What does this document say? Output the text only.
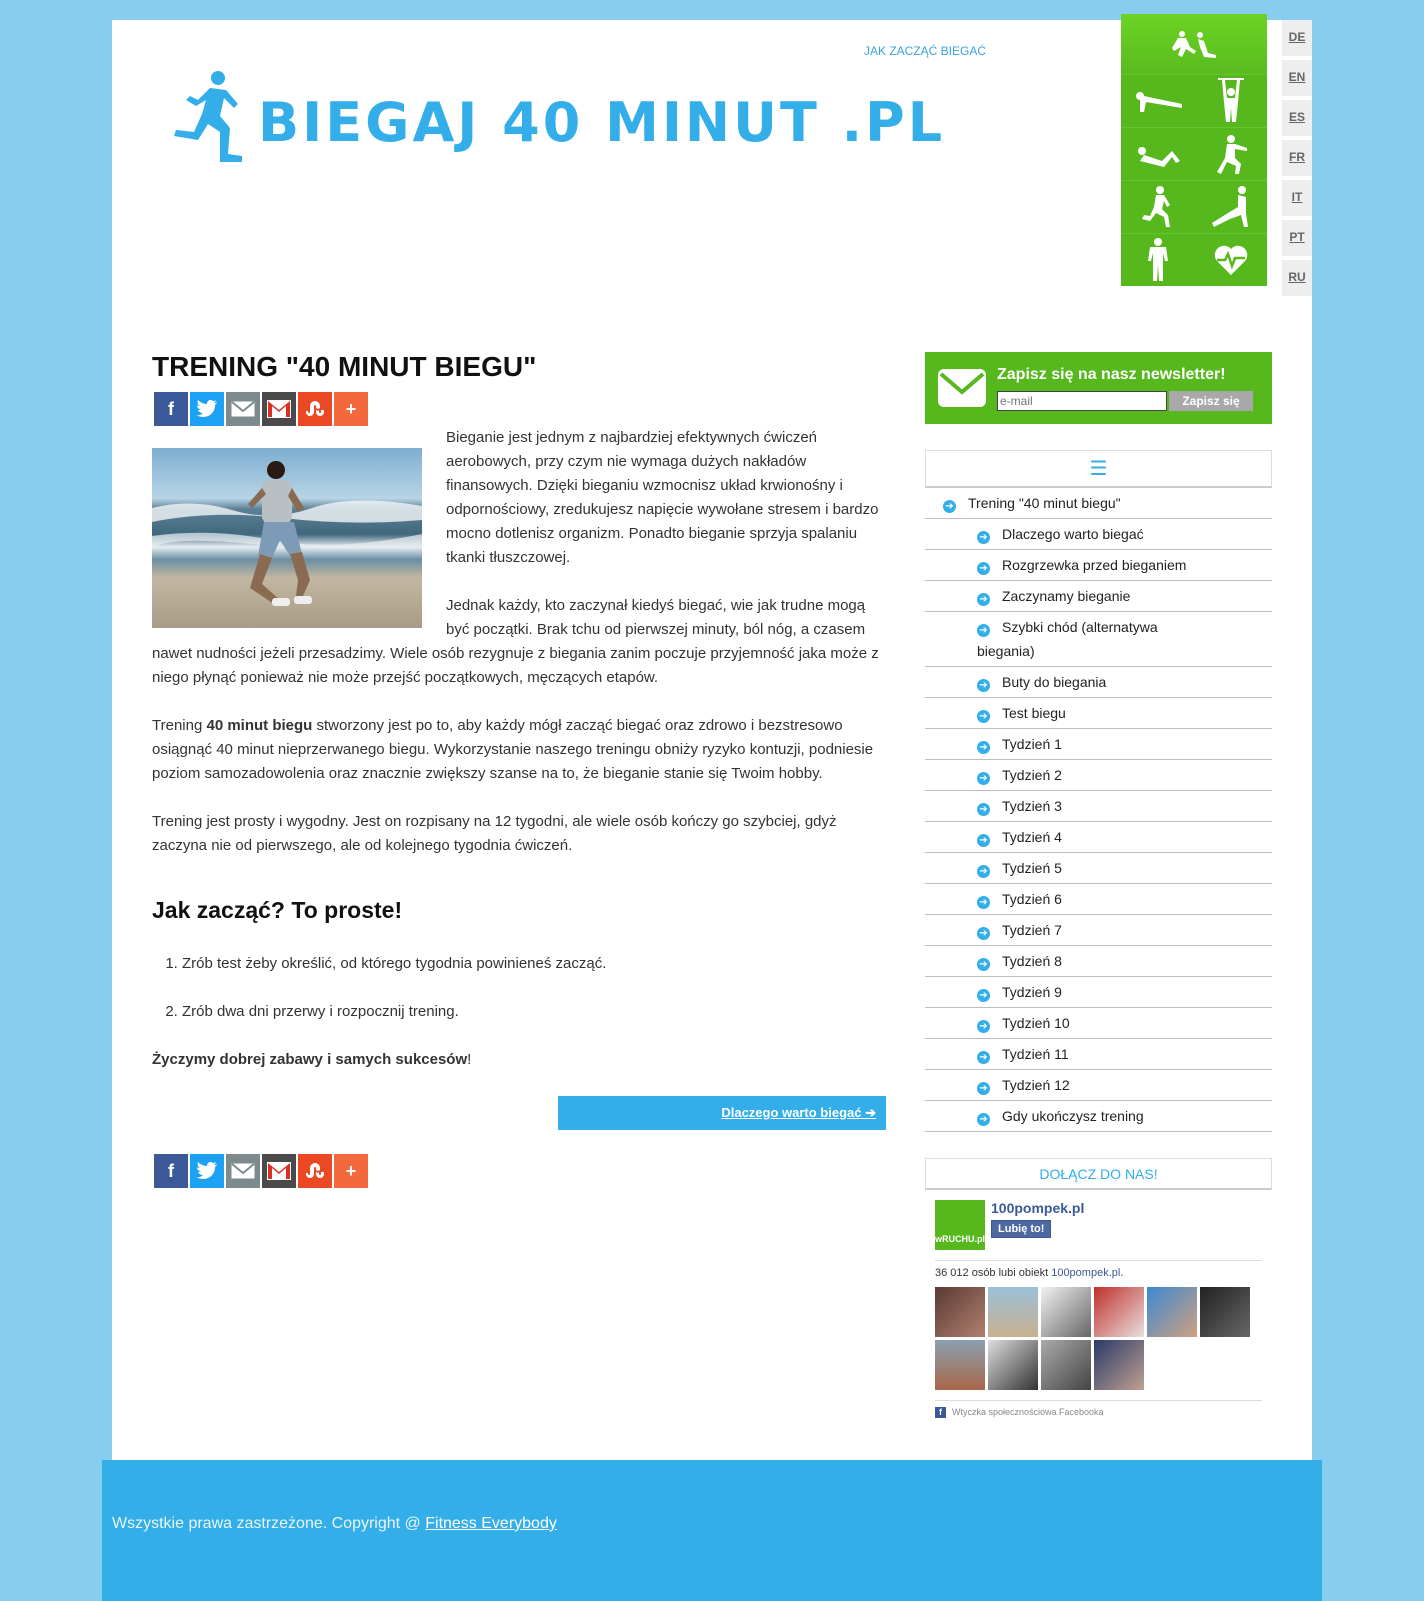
BIEGAJ 40 MINUT .PL
JAK ZACZĄĆ BIEGAĆ
DE
EN
ES
FR
IT
PT
RU
TRENING "40 MINUT BIEGU"
f	+

Bieganie jest jednym z najbardziej efektywnych ćwiczeń aerobowych, przy czym nie wymaga dużych nakładów finansowych. Dzięki bieganiu wzmocnisz układ krwionośny i odpornościowy, zredukujesz napięcie wywołane stresem i bardzo mocno dotlenisz organizm. Ponadto bieganie sprzyja spalaniu tkanki tłuszczowej.

Jednak każdy, kto zaczynał kiedyś biegać, wie jak trudne mogą być początki. Brak tchu od pierwszej minuty, ból nóg, a czasem nawet nudności jeżeli przesadzimy. Wiele osób rezygnuje z biegania zanim poczuje przyjemność jaka może z niego płynąć ponieważ nie może przejść początkowych, męczących etapów.

Trening 40 minut biegu stworzony jest po to, aby każdy mógł zacząć biegać oraz zdrowo i bezstresowo osiągnąć 40 minut nieprzerwanego biegu. Wykorzystanie naszego treningu obniży ryzyko kontuzji, podniesie poziom samozadowolenia oraz znacznie zwiększy szanse na to, że bieganie stanie się Twoim hobby.

Trening jest prosty i wygodny. Jest on rozpisany na 12 tygodni, ale wiele osób kończy go szybciej, gdyż zaczyna nie od pierwszego, ale od kolejnego tygodnia ćwiczeń.

Jak zacząć? To proste!
1. Zrób test żeby określić, od którego tygodnia powinieneś zacząć.
2. Zrób dwa dni przerwy i rozpocznij trening.

Życzymy dobrej zabawy i samych sukcesów!

Dlaczego warto biegać ➔
f	+
Zapisz się na nasz newsletter!
e-mail
Zapisz się
☰
➔ Trening "40 minut biegu"
➔ Dlaczego warto biegać
➔ Rozgrzewka przed bieganiem
➔ Zaczynamy bieganie
➔ Szybki chód (alternatywa biegania)
➔ Buty do biegania
➔ Test biegu
➔ Tydzień 1
➔ Tydzień 2
➔ Tydzień 3
➔ Tydzień 4
➔ Tydzień 5
➔ Tydzień 6
➔ Tydzień 7
➔ Tydzień 8
➔ Tydzień 9
➔ Tydzień 10
➔ Tydzień 11
➔ Tydzień 12
➔ Gdy ukończysz trening
DOŁĄCZ DO NAS!
wRUCHU.pl
100pompek.pl
Lubię to!
36 012 osób lubi obiekt 100pompek.pl.
f Wtyczka społecznościowa Facebooka
Wszystkie prawa zastrzeżone. Copyright @ Fitness Everybody
